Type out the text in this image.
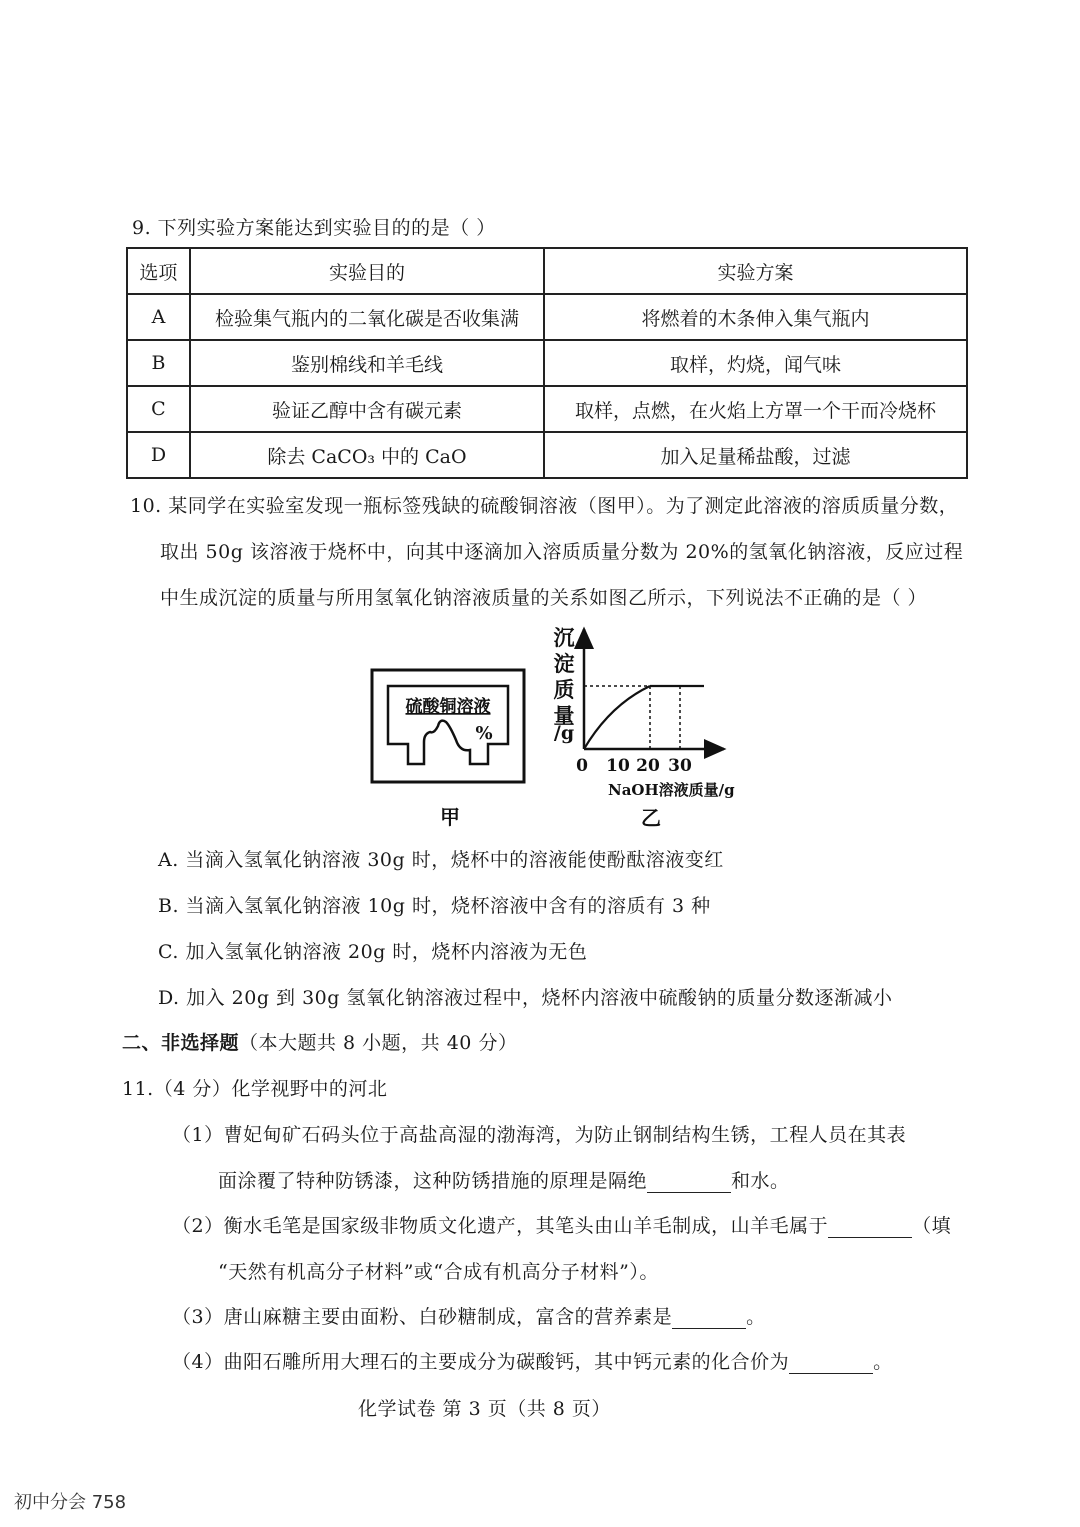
9. 下列实验方案能达到实验目的的是（ ）
选项	实验目的	实验方案
A	检验集气瓶内的二氧化碳是否收集满	将燃着的木条伸入集气瓶内
B	鉴别棉线和羊毛线	取样，灼烧，闻气味
C	验证乙醇中含有碳元素	取样，点燃，在火焰上方罩一个干而冷烧杯
D	除去 CaCO₃ 中的 CaO	加入足量稀盐酸，过滤
10. 某同学在实验室发现一瓶标签残缺的硫酸铜溶液（图甲）。为了测定此溶液的溶质质量分数，
取出 50g 该溶液于烧杯中，向其中逐滴加入溶质质量分数为 20%的氢氧化钠溶液，反应过程
中生成沉淀的质量与所用氢氧化钠溶液质量的关系如图乙所示，下列说法不正确的是（ ）
硫酸铜溶液
%
甲
沉
淀
质
量
/g
0 10 20 30
NaOH溶液质量/g
乙
A. 当滴入氢氧化钠溶液 30g 时，烧杯中的溶液能使酚酞溶液变红
B. 当滴入氢氧化钠溶液 10g 时，烧杯溶液中含有的溶质有 3 种
C. 加入氢氧化钠溶液 20g 时，烧杯内溶液为无色
D. 加入 20g 到 30g 氢氧化钠溶液过程中，烧杯内溶液中硫酸钠的质量分数逐渐减小
二、非选择题（本大题共 8 小题，共 40 分）
11.（4 分）化学视野中的河北
（1）曹妃甸矿石码头位于高盐高湿的渤海湾，为防止钢制结构生锈，工程人员在其表
面涂覆了特种防锈漆，这种防锈措施的原理是隔绝	和水。
（2）衡水毛笔是国家级非物质文化遗产，其笔头由山羊毛制成，山羊毛属于	（填
“天然有机高分子材料”或“合成有机高分子材料”）。
（3）唐山麻糖主要由面粉、白砂糖制成，富含的营养素是	。
（4）曲阳石雕所用大理石的主要成分为碳酸钙，其中钙元素的化合价为	。
化学试卷 第 3 页（共 8 页）
初中分会 758
